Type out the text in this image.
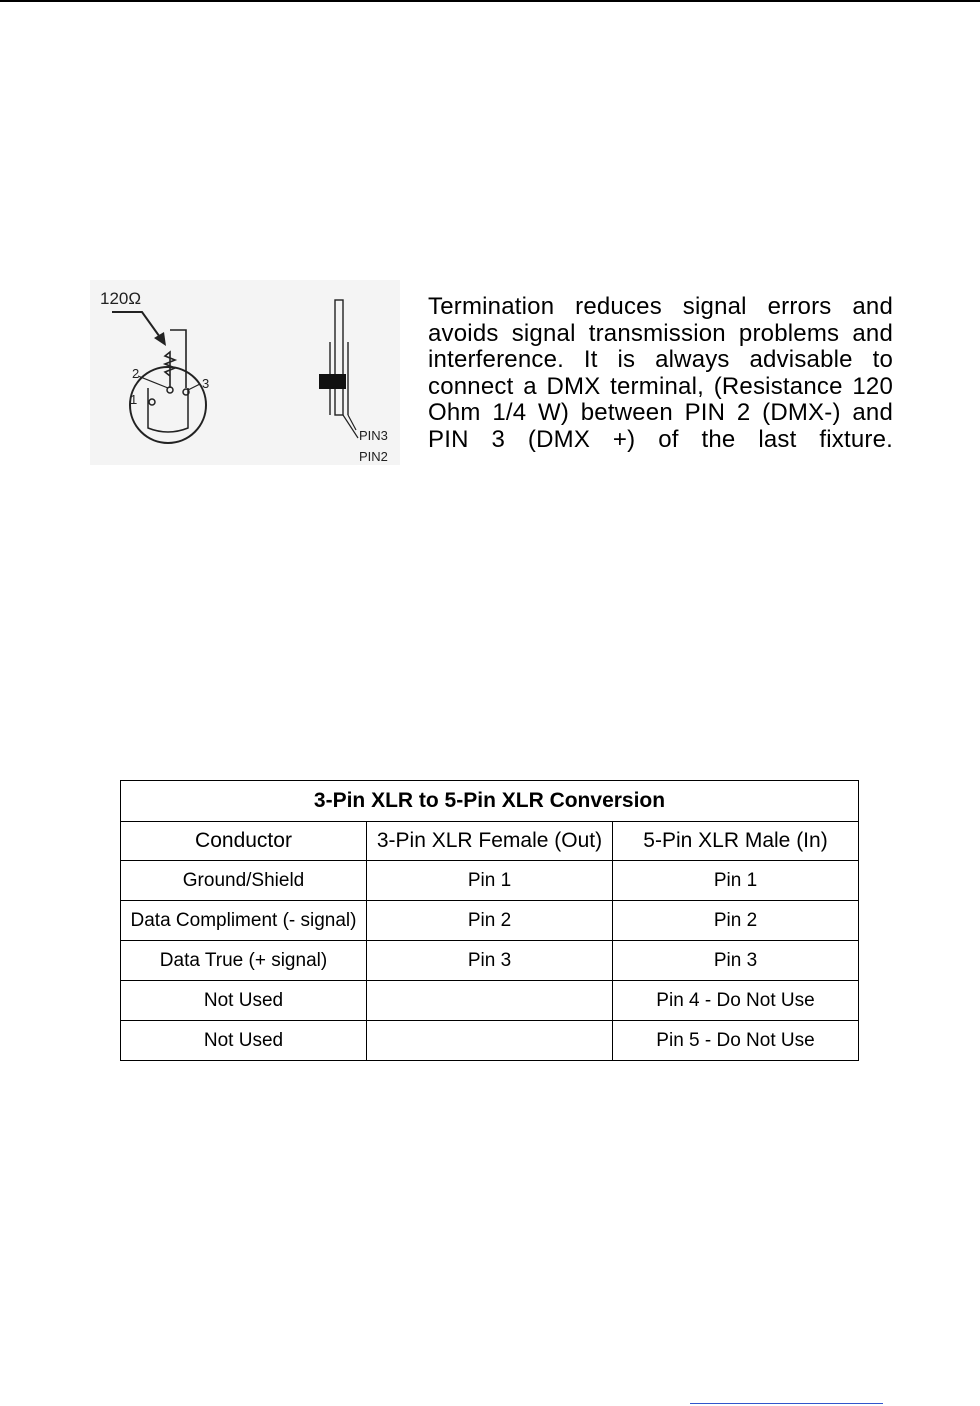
120Ω
1
2
3
PIN3
PIN2
Termination reduces signal errors and avoids signal transmission problems and interference. It is always advisable to connect a DMX terminal, (Resistance 120 Ohm 1/4 W) between PIN 2 (DMX-) and PIN 3 (DMX +) of the last fixture.
3-Pin XLR to 5-Pin XLR Conversion		
Conductor	3-Pin XLR Female (Out)	5-Pin XLR Male (In)
Ground/Shield	Pin 1	Pin 1
Data Compliment (- signal)	Pin 2	Pin 2
Data True (+ signal)	Pin 3	Pin 3
Not Used		Pin 4 - Do Not Use
Not Used		Pin 5 - Do Not Use
